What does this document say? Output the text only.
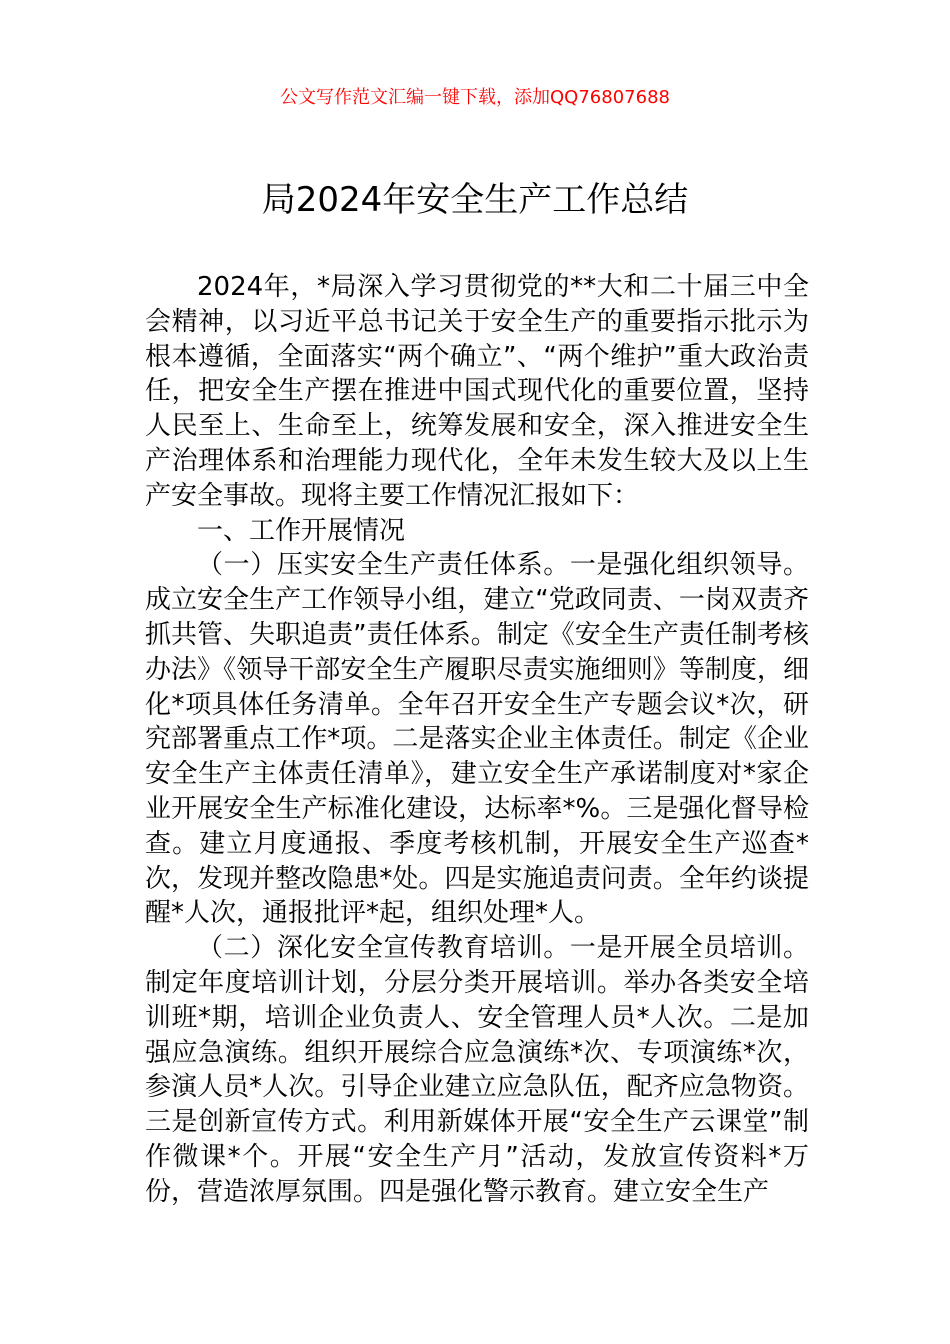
公文写作范文汇编一键下载，添加QQ76807688
局2024年安全生产工作总结

2024年，*局深入学习贯彻党的**大和二十届三中全会精神，以习近平总书记关于安全生产的重要指示批示为根本遵循，全面落实“两个确立”、“两个维护”重大政治责任，把安全生产摆在推进中国式现代化的重要位置，坚持人民至上、生命至上，统筹发展和安全，深入推进安全生产治理体系和治理能力现代化，全年未发生较大及以上生产安全事故。现将主要工作情况汇报如下：

一、工作开展情况

（一）压实安全生产责任体系。一是强化组织领导。成立安全生产工作领导小组，建立“党政同责、一岗双责齐抓共管、失职追责”责任体系。制定《安全生产责任制考核办法》《领导干部安全生产履职尽责实施细则》等制度，细化*项具体任务清单。全年召开安全生产专题会议*次，研究部署重点工作*项。二是落实企业主体责任。制定《企业安全生产主体责任清单》，建立安全生产承诺制度对*家企业开展安全生产标准化建设，达标率*%。三是强化督导检查。建立月度通报、季度考核机制，开展安全生产巡查*次，发现并整改隐患*处。四是实施追责问责。全年约谈提醒*人次，通报批评*起，组织处理*人。

（二）深化安全宣传教育培训。一是开展全员培训。制定年度培训计划，分层分类开展培训。举办各类安全培训班*期，培训企业负责人、安全管理人员*人次。二是加强应急演练。组织开展综合应急演练*次、专项演练*次，参演人员*人次。引导企业建立应急队伍，配齐应急物资。三是创新宣传方式。利用新媒体开展“安全生产云课堂”制作微课*个。开展“安全生产月”活动，发放宣传资料*万份，营造浓厚氛围。四是强化警示教育。建立安全生产
